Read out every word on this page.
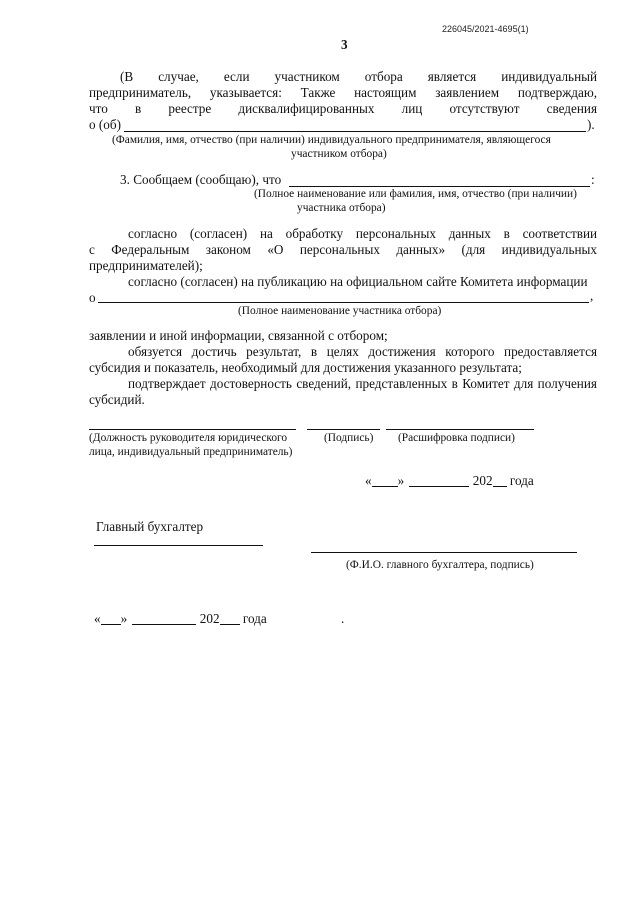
226045/2021-4695(1)
3
(В случае, если участником отбора является индивидуальный
предприниматель, указывается: Также настоящим заявлением подтверждаю,
что в реестре дисквалифицированных лиц отсутствуют сведения
о (об)	).
(Фамилия, имя, отчество (при наличии) индивидуального предпринимателя, являющегося
участником отбора)
3. Сообщаем (сообщаю), что	:
(Полное наименование или фамилия, имя, отчество (при наличии)
участника отбора)
согласно (согласен) на обработку персональных данных в соответствии
с Федеральным законом «О персональных данных» (для индивидуальных
предпринимателей);
согласно (согласен) на публикацию на официальном сайте Комитета информации
о	,
(Полное наименование участника отбора)
заявлении и иной информации, связанной с отбором;
обязуется достичь результат, в целях достижения которого предоставляется
субсидия и показатель, необходимый для достижения указанного результата;
подтверждает достоверность сведений, представленных в Комитет для получения
субсидий.
(Должность руководителя юридического
лица, индивидуальный предприниматель)
(Подпись) (Расшифровка подписи)
« »	202 года
Главный бухгалтер
(Ф.И.О. главного бухгалтера, подпись)
« »	202 года	.
